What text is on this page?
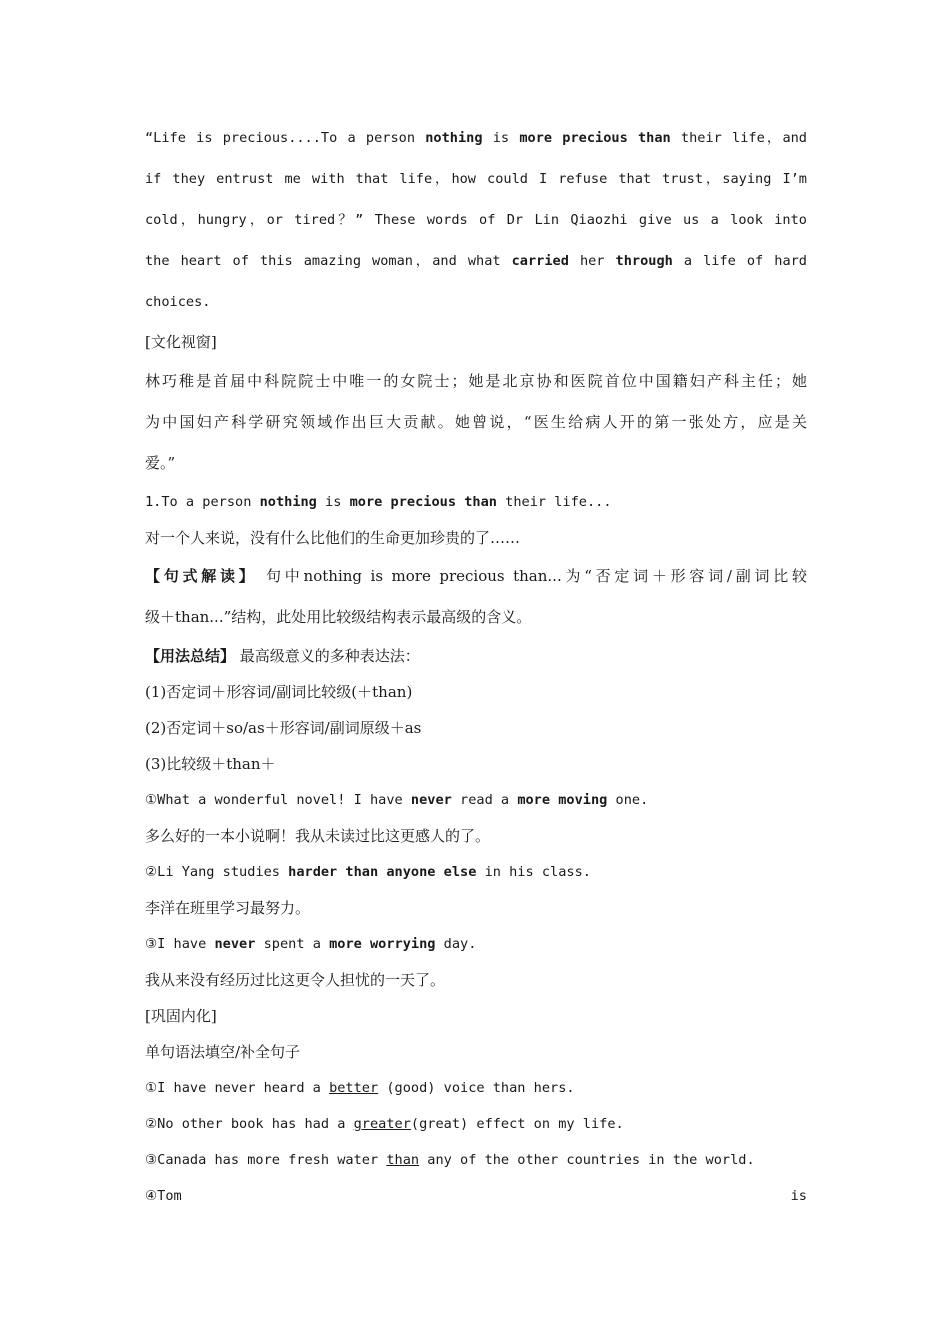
“Life is precious....To a person nothing is more precious than their life，and

if they entrust me with that life，how could I refuse that trust，saying I’m

cold，hungry，or tired？” These words of Dr Lin Qiaozhi give us a look into

the heart of this amazing woman，and what carried her through a life of hard

choices.

[文化视窗]
林巧稚是首届中科院院士中唯一的女院士；她是北京协和医院首位中国籍妇产科主任；她
为中国妇产科学研究领域作出巨大贡献。她曾说，“医生给病人开的第一张处方，应是关
爱。”
1.To a person nothing is more precious than their life...
对一个人来说，没有什么比他们的生命更加珍贵的了……
【句式解读】 句中nothing is more precious than...为“否定词＋形容词/副词比较
级＋than...”结构，此处用比较级结构表示最高级的含义。
【用法总结】 最高级意义的多种表达法：
(1)否定词＋形容词/副词比较级(＋than)
(2)否定词＋so/as＋形容词/副词原级＋as
(3)比较级＋than＋
①What a wonderful novel! I have never read a more moving one.
多么好的一本小说啊！我从未读过比这更感人的了。
②Li Yang studies harder than anyone else in his class.
李洋在班里学习最努力。
③I have never spent a more worrying day.
我从来没有经历过比这更令人担忧的一天了。
[巩固内化]
单句语法填空/补全句子
①I have never heard a better (good) voice than hers.
②No other book has had a greater(great) effect on my life.
③Canada has more fresh water than any of the other countries in the world.
④Tom	is
